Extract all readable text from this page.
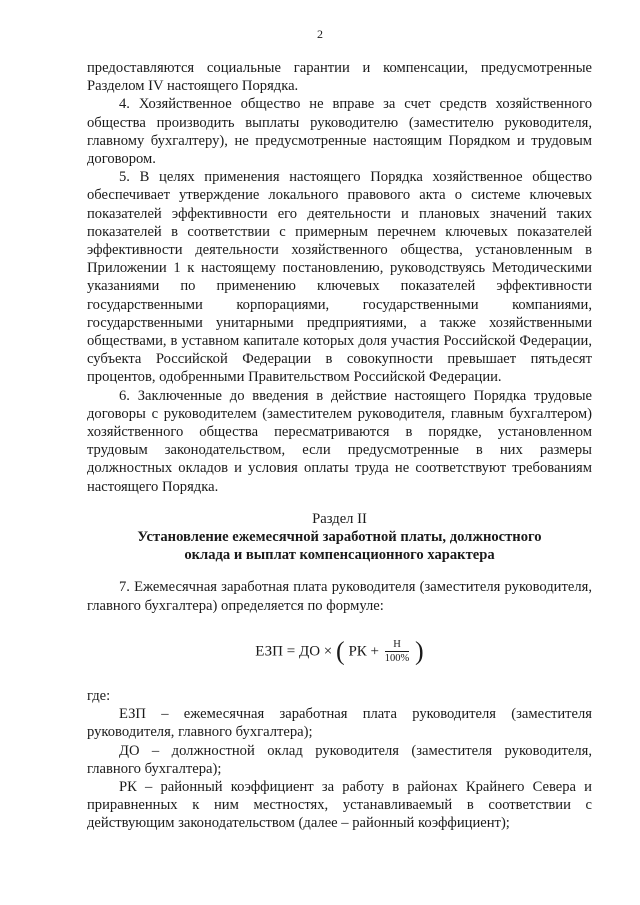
2

предоставляются социальные гарантии и компенсации, предусмотренные Разделом IV настоящего Порядка.

4. Хозяйственное общество не вправе за счет средств хозяйственного общества производить выплаты руководителю (заместителю руководителя, главному бухгалтеру), не предусмотренные настоящим Порядком и трудовым договором.

5. В целях применения настоящего Порядка хозяйственное общество обеспечивает утверждение локального правового акта о системе ключевых показателей эффективности его деятельности и плановых значений таких показателей в соответствии с примерным перечнем ключевых показателей эффективности деятельности хозяйственного общества, установленным в Приложении 1 к настоящему постановлению, руководствуясь Методическими указаниями по применению ключевых показателей эффективности государственными корпорациями, государственными компаниями, государственными унитарными предприятиями, а также хозяйственными обществами, в уставном капитале которых доля участия Российской Федерации, субъекта Российской Федерации в совокупности превышает пятьдесят процентов, одобренными Правительством Российской Федерации.

6. Заключенные до введения в действие настоящего Порядка трудовые договоры с руководителем (заместителем руководителя, главным бухгалтером) хозяйственного общества пересматриваются в порядке, установленном трудовым законодательством, если предусмотренные в них размеры должностных окладов и условия оплаты труда не соответствуют требованиям настоящего Порядка.

Раздел II
Установление ежемесячной заработной платы, должностного оклада и выплат компенсационного характера

7. Ежемесячная заработная плата руководителя (заместителя руководителя, главного бухгалтера) определяется по формуле:

ЕЗП = ДО × ( РК + $\frac{Н}{100\%}$ )

где:

ЕЗП – ежемесячная заработная плата руководителя (заместителя руководителя, главного бухгалтера);

ДО – должностной оклад руководителя (заместителя руководителя, главного бухгалтера);

РК – районный коэффициент за работу в районах Крайнего Севера и приравненных к ним местностях, устанавливаемый в соответствии с действующим законодательством (далее – районный коэффициент);
